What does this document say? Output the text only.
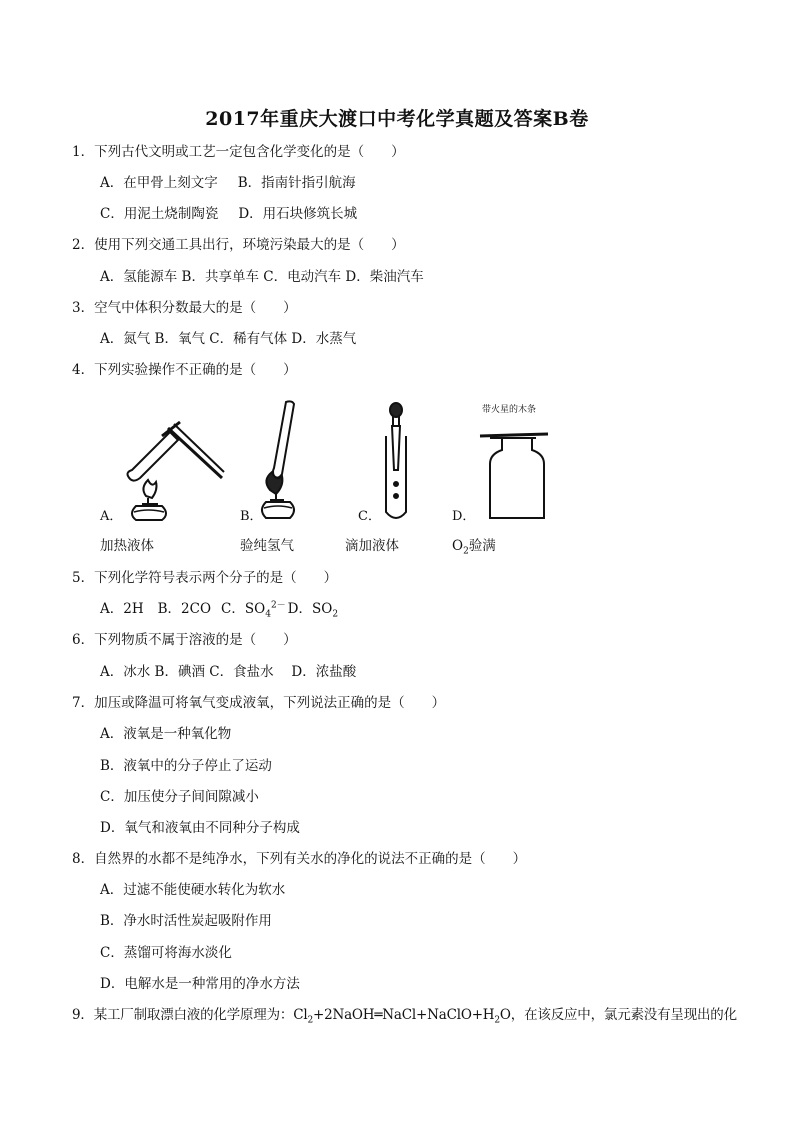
2017年重庆大渡口中考化学真题及答案B卷
1．下列古代文明或工艺一定包含化学变化的是（　　）
A．在甲骨上刻文字 B．指南针指引航海
C．用泥土烧制陶瓷 D．用石块修筑长城
2．使用下列交通工具出行，环境污染最大的是（　　）
A．氢能源车 B．共享单车 C．电动汽车 D．柴油汽车
3．空气中体积分数最大的是（　　）
A．氮气 B．氧气 C．稀有气体 D．水蒸气
4．下列实验操作不正确的是（　　）
A．	B．	C．
带火星的木条
D．
加热液体	验纯氢气	滴加液体	$O_2$验满
5．下列化学符号表示两个分子的是（　　）
A．2H B．2CO C．$SO_4^{2-}$ D．$SO_2$
6．下列物质不属于溶液的是（　　）
A．冰水 B．碘酒 C．食盐水　 D．浓盐酸
7．加压或降温可将氧气变成液氧，下列说法正确的是（　　）
A．液氧是一种氧化物
B．液氧中的分子停止了运动
C．加压使分子间间隙减小
D．氧气和液氧由不同种分子构成
8．自然界的水都不是纯净水，下列有关水的净化的说法不正确的是（　　）
A．过滤不能使硬水转化为软水
B．净水时活性炭起吸附作用
C．蒸馏可将海水淡化
D．电解水是一种常用的净水方法
9．某工厂制取漂白液的化学原理为：$Cl_2+2NaOH═NaCl+NaClO+H_2O$，在该反应中，氯元素没有呈现出的化
